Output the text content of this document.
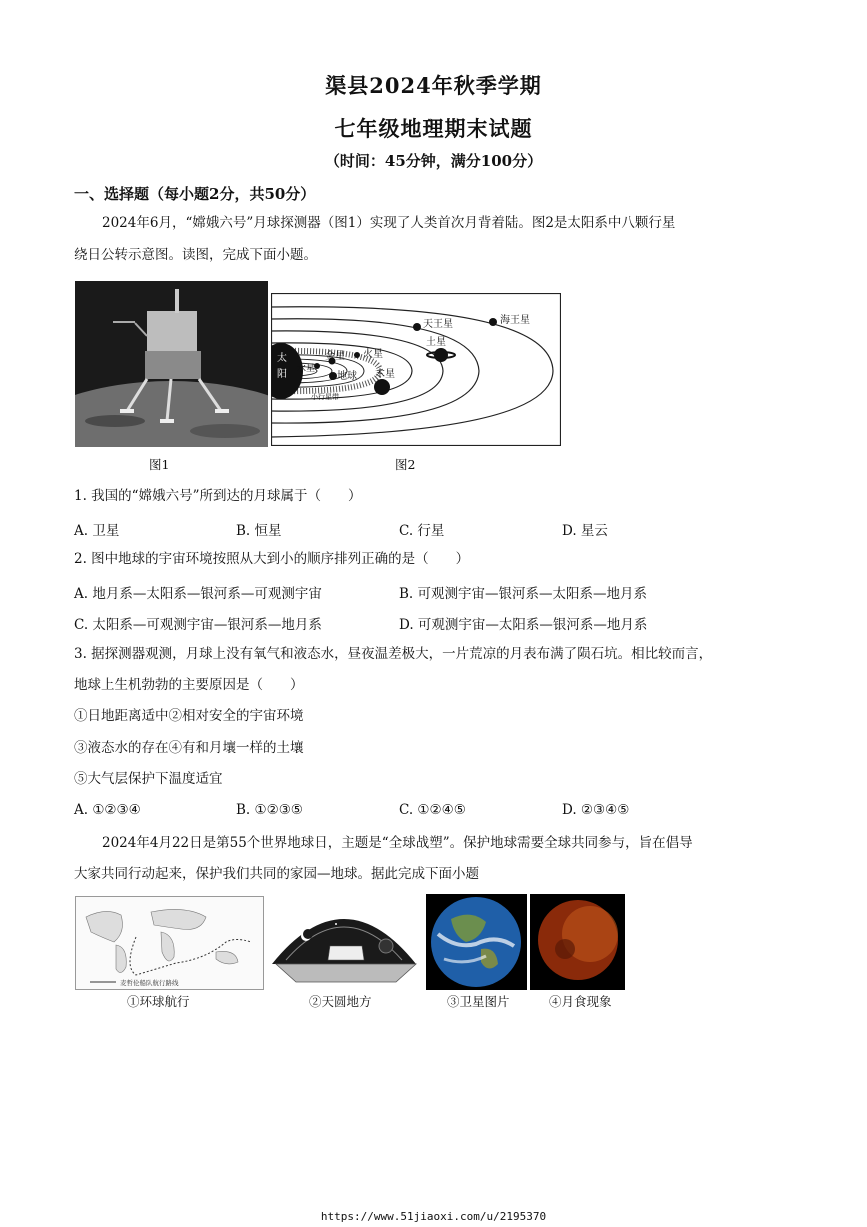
渠县2024年秋季学期
七年级地理期末试题
（时间：45分钟，满分100分）
一、选择题（每小题2分，共50分）
2024年6月，“嫦娥六号”月球探测器（图1）实现了人类首次月背着陆。图2是太阳系中八颗行星
绕日公转示意图。读图，完成下面小题。
太
阳 水星
金星
地球
火星
木星
土星
天王星	海王星
小行星带
图1	图2
1. 我国的“嫦娥六号”所到达的月球属于（　　）
A. 卫星	B. 恒星	C. 行星	D. 星云
2. 图中地球的宇宙环境按照从大到小的顺序排列正确的是（　　）
A. 地月系—太阳系—银河系—可观测宇宙	B. 可观测宇宙—银河系—太阳系—地月系
C. 太阳系—可观测宇宙—银河系—地月系	D. 可观测宇宙—太阳系—银河系—地月系
3. 据探测器观测，月球上没有氧气和液态水，昼夜温差极大，一片荒凉的月表布满了陨石坑。相比较而言，
地球上生机勃勃的主要原因是（　　）
①日地距离适中②相对安全的宇宙环境
③液态水的存在④有和月壤一样的土壤
⑤大气层保护下温度适宜
A. ①②③④	B. ①②③⑤	C. ①②④⑤	D. ②③④⑤
2024年4月22日是第55个世界地球日，主题是“全球战塑”。保护地球需要全球共同参与，旨在倡导
大家共同行动起来，保护我们共同的家园—地球。据此完成下面小题
麦哲伦船队航行路线
①环球航行	②天圆地方	③卫星图片	④月食现象
https://www.51jiaoxi.com/u/2195370
